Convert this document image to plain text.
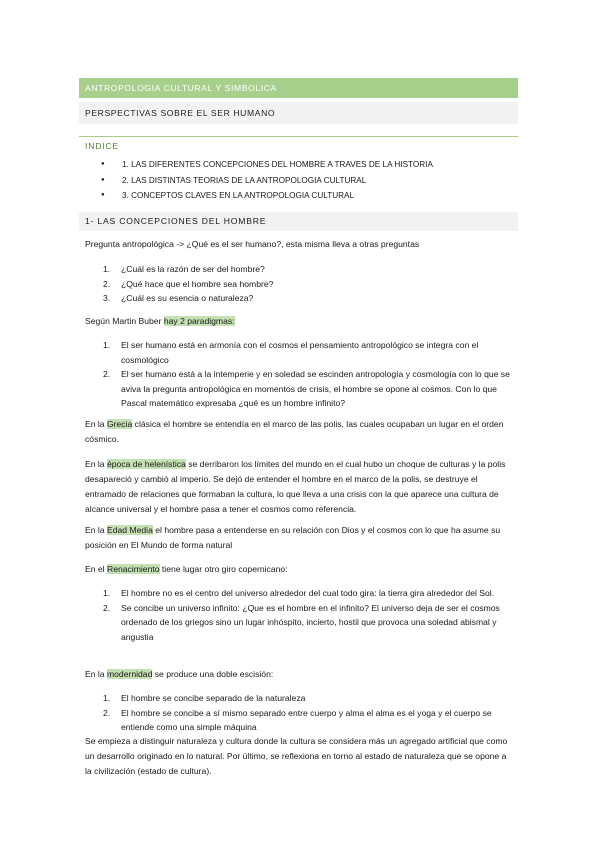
ANTROPOLOGIA CULTURAL Y SIMBOLICA
PERSPECTIVAS SOBRE EL SER HUMANO
INDICE
● 1. LAS DIFERENTES CONCEPCIONES DEL HOMBRE A TRAVES DE LA HISTORIA
● 2. LAS DISTINTAS TEORIAS DE LA ANTROPOLOGIA CULTURAL
● 3. CONCEPTOS CLAVES EN LA ANTROPOLOGIA CULTURAL
1- LAS CONCEPCIONES DEL HOMBRE

Pregunta antropológica -> ¿Qué es el ser humano?, esta misma lleva a otras preguntas

1. ¿Cuál es la razón de ser del hombre?
2. ¿Qué hace que el hombre sea hombre?
3. ¿Cuál es su esencia o naturaleza?

Según Martin Buber hay 2 paradigmas:

1. El ser humano está en armonía con el cosmos el pensamiento antropológico se integra con el cosmológico
2. El ser humano está a la intemperie y en soledad se escinden antropología y cosmología con lo que se aviva la pregunta antropológica en momentos de crisis, el hombre se opone al cosmos. Con lo que Pascal matemático expresaba ¿qué es un hombre infinito?

En la Grecia clásica el hombre se entendía en el marco de las polis, las cuales ocupaban un lugar en el orden cósmico.

En la época de helenística se derribaron los límites del mundo en el cual hubo un choque de culturas y la polis desapareció y cambió al imperio. Se dejó de entender el hombre en el marco de la polis, se destruye el entramado de relaciones que formaban la cultura, lo que lleva a una crisis con la que aparece una cultura de alcance universal y el hombre pasa a tener el cosmos como referencia.

En la Edad Media el hombre pasa a entenderse en su relación con Dios y el cosmos con lo que ha asume su posición en El Mundo de forma natural

En el Renacimiento tiene lugar otro giro copernicano:

1. El hombre no es el centro del universo alrededor del cual todo gira: la tierra gira alrededor del Sol.
2. Se concibe un universo infinito: ¿Que es el hombre en el infinito? El universo deja de ser el cosmos ordenado de los griegos sino un lugar inhóspito, incierto, hostil que provoca una soledad abismal y angustia

En la modernidad se produce una doble escisión:

1. El hombre se concibe separado de la naturaleza
2. El hombre se concibe a sí mismo separado entre cuerpo y alma el alma es el yoga y el cuerpo se entiende como una simple máquina

Se empieza a distinguir naturaleza y cultura donde la cultura se considera más un agregado artificial que como un desarrollo originado en lo natural. Por último, se reflexiona en torno al estado de naturaleza que se opone a la civilización (estado de cultura).
